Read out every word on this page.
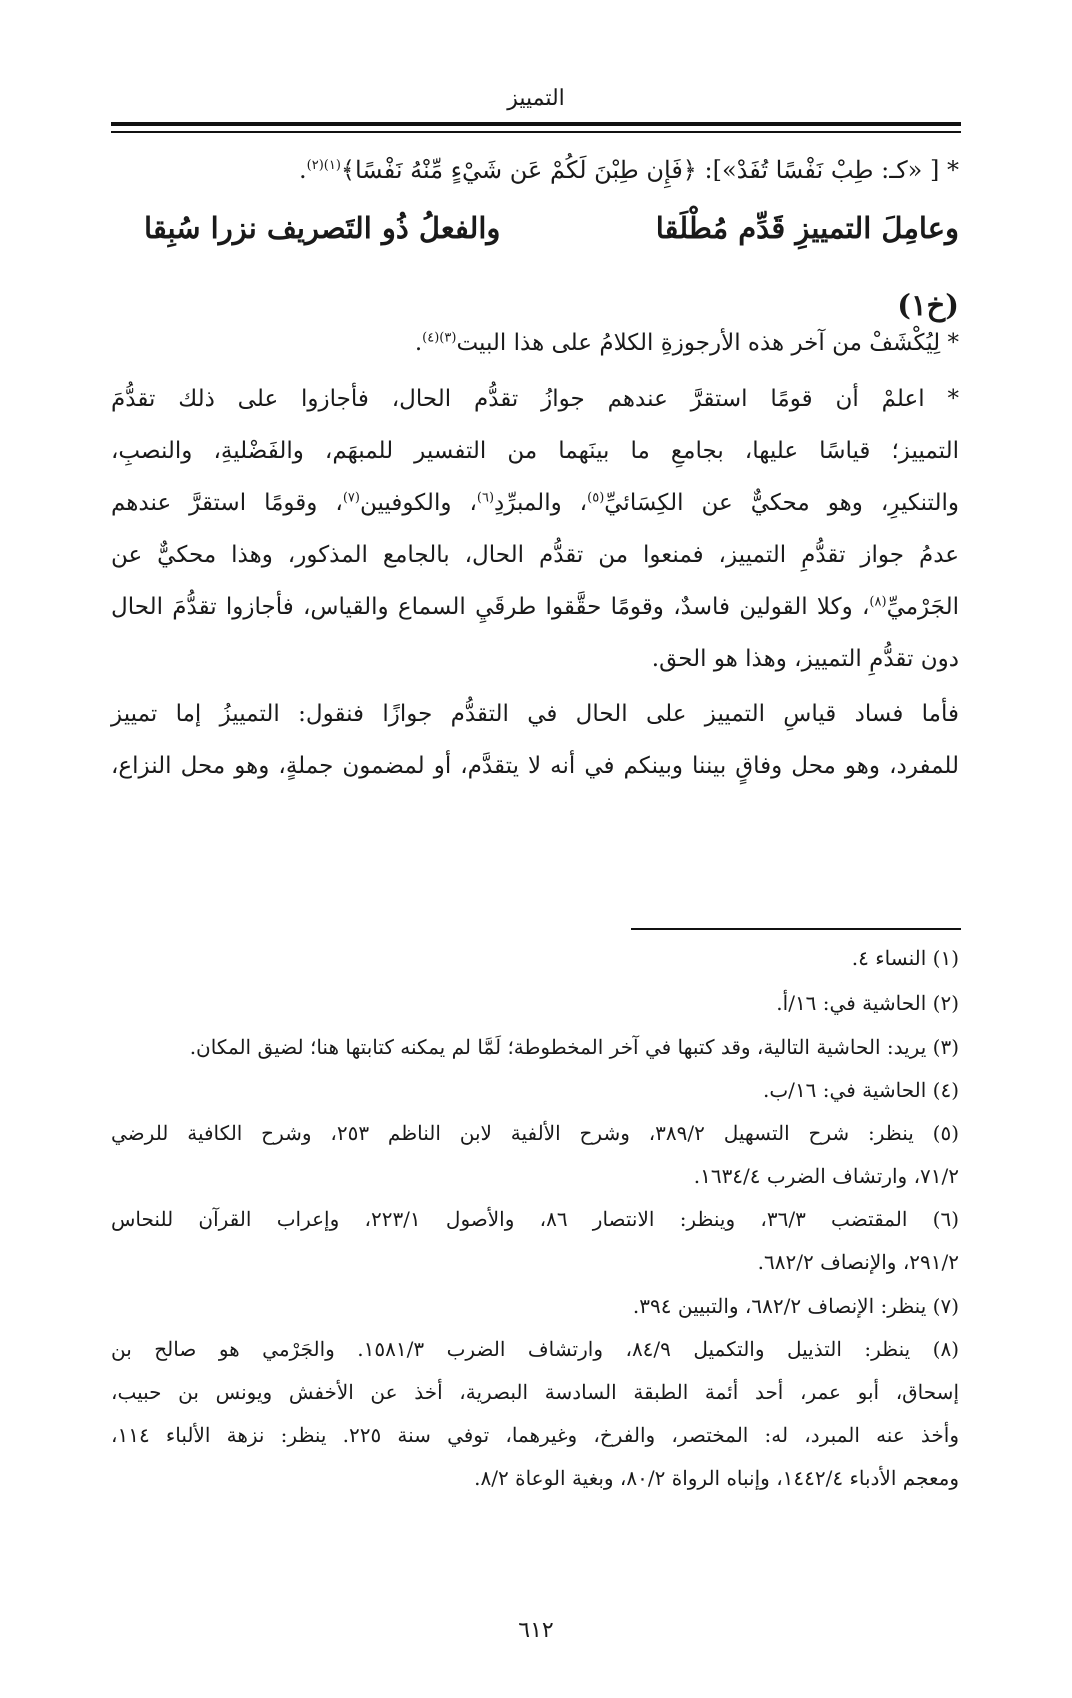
التمييز
* [ «كـ: طِبْ نَفْسًا تُفَدْ»]: ﴿فَإِن طِبْنَ لَكُمْ عَن شَيْءٍ مِّنْهُ نَفْسًا﴾$^{(١)(٢)}$.
وعامِلَ التمييزِ قَدِّم مُطْلَقا
والفعلُ ذُو التَصريف نزرا سُبِقا
(خ١)
* لِيُكْشَفْ من آخر هذه الأرجوزةِ الكلامُ على هذا البيت$^{(٣)(٤)}$.
* اعلمْ أن قومًا استقرَّ عندهم جوازُ تقدُّم الحال، فأجازوا على ذلك تقدُّمَ
التمييز؛ قياسًا عليها، بجامعِ ما بينَهما من التفسير للمبهَم، والفَضْليةِ، والنصبِ،
والتنكيرِ، وهو محكيٌّ عن الكِسَائيِّ$^{(٥)}$، والمبرِّدِ$^{(٦)}$، والكوفيين$^{(٧)}$، وقومًا استقرَّ عندهم
عدمُ جواز تقدُّمِ التمييز، فمنعوا من تقدُّم الحال، بالجامع المذكور، وهذا محكيٌّ عن
الجَرْميِّ$^{(٨)}$، وكلا القولين فاسدٌ، وقومًا حقَّقوا طرقَيِ السماع والقياس، فأجازوا تقدُّمَ الحال
دون تقدُّمِ التمييز، وهذا هو الحق.
فأما فساد قياسِ التمييز على الحال في التقدُّم جوازًا فنقول: التمييزُ إما تمييز
للمفرد، وهو محل وفاقٍ بيننا وبينكم في أنه لا يتقدَّم، أو لمضمون جملةٍ، وهو محل النزاع،
(١) النساء ٤.
(٢) الحاشية في: ١٦/أ.
(٣) يريد: الحاشية التالية، وقد كتبها في آخر المخطوطة؛ لَمَّا لم يمكنه كتابتها هنا؛ لضيق المكان.
(٤) الحاشية في: ١٦/ب.
(٥) ينظر: شرح التسهيل ٣٨٩/٢، وشرح الألفية لابن الناظم ٢٥٣، وشرح الكافية للرضي
٧١/٢، وارتشاف الضرب ١٦٣٤/٤.
(٦) المقتضب ٣٦/٣، وينظر: الانتصار ٨٦، والأصول ٢٢٣/١، وإعراب القرآن للنحاس
٢٩١/٢، والإنصاف ٦٨٢/٢.
(٧) ينظر: الإنصاف ٦٨٢/٢، والتبيين ٣٩٤.
(٨) ينظر: التذييل والتكميل ٨٤/٩، وارتشاف الضرب ١٥٨١/٣. والجَرْمي هو صالح بن
إسحاق، أبو عمر، أحد أئمة الطبقة السادسة البصرية، أخذ عن الأخفش ويونس بن حبيب،
وأخذ عنه المبرد، له: المختصر، والفرخ، وغيرهما، توفي سنة ٢٢٥. ينظر: نزهة الألباء ١١٤،
ومعجم الأدباء ١٤٤٢/٤، وإنباه الرواة ٨٠/٢، وبغية الوعاة ٨/٢.
٦١٢
